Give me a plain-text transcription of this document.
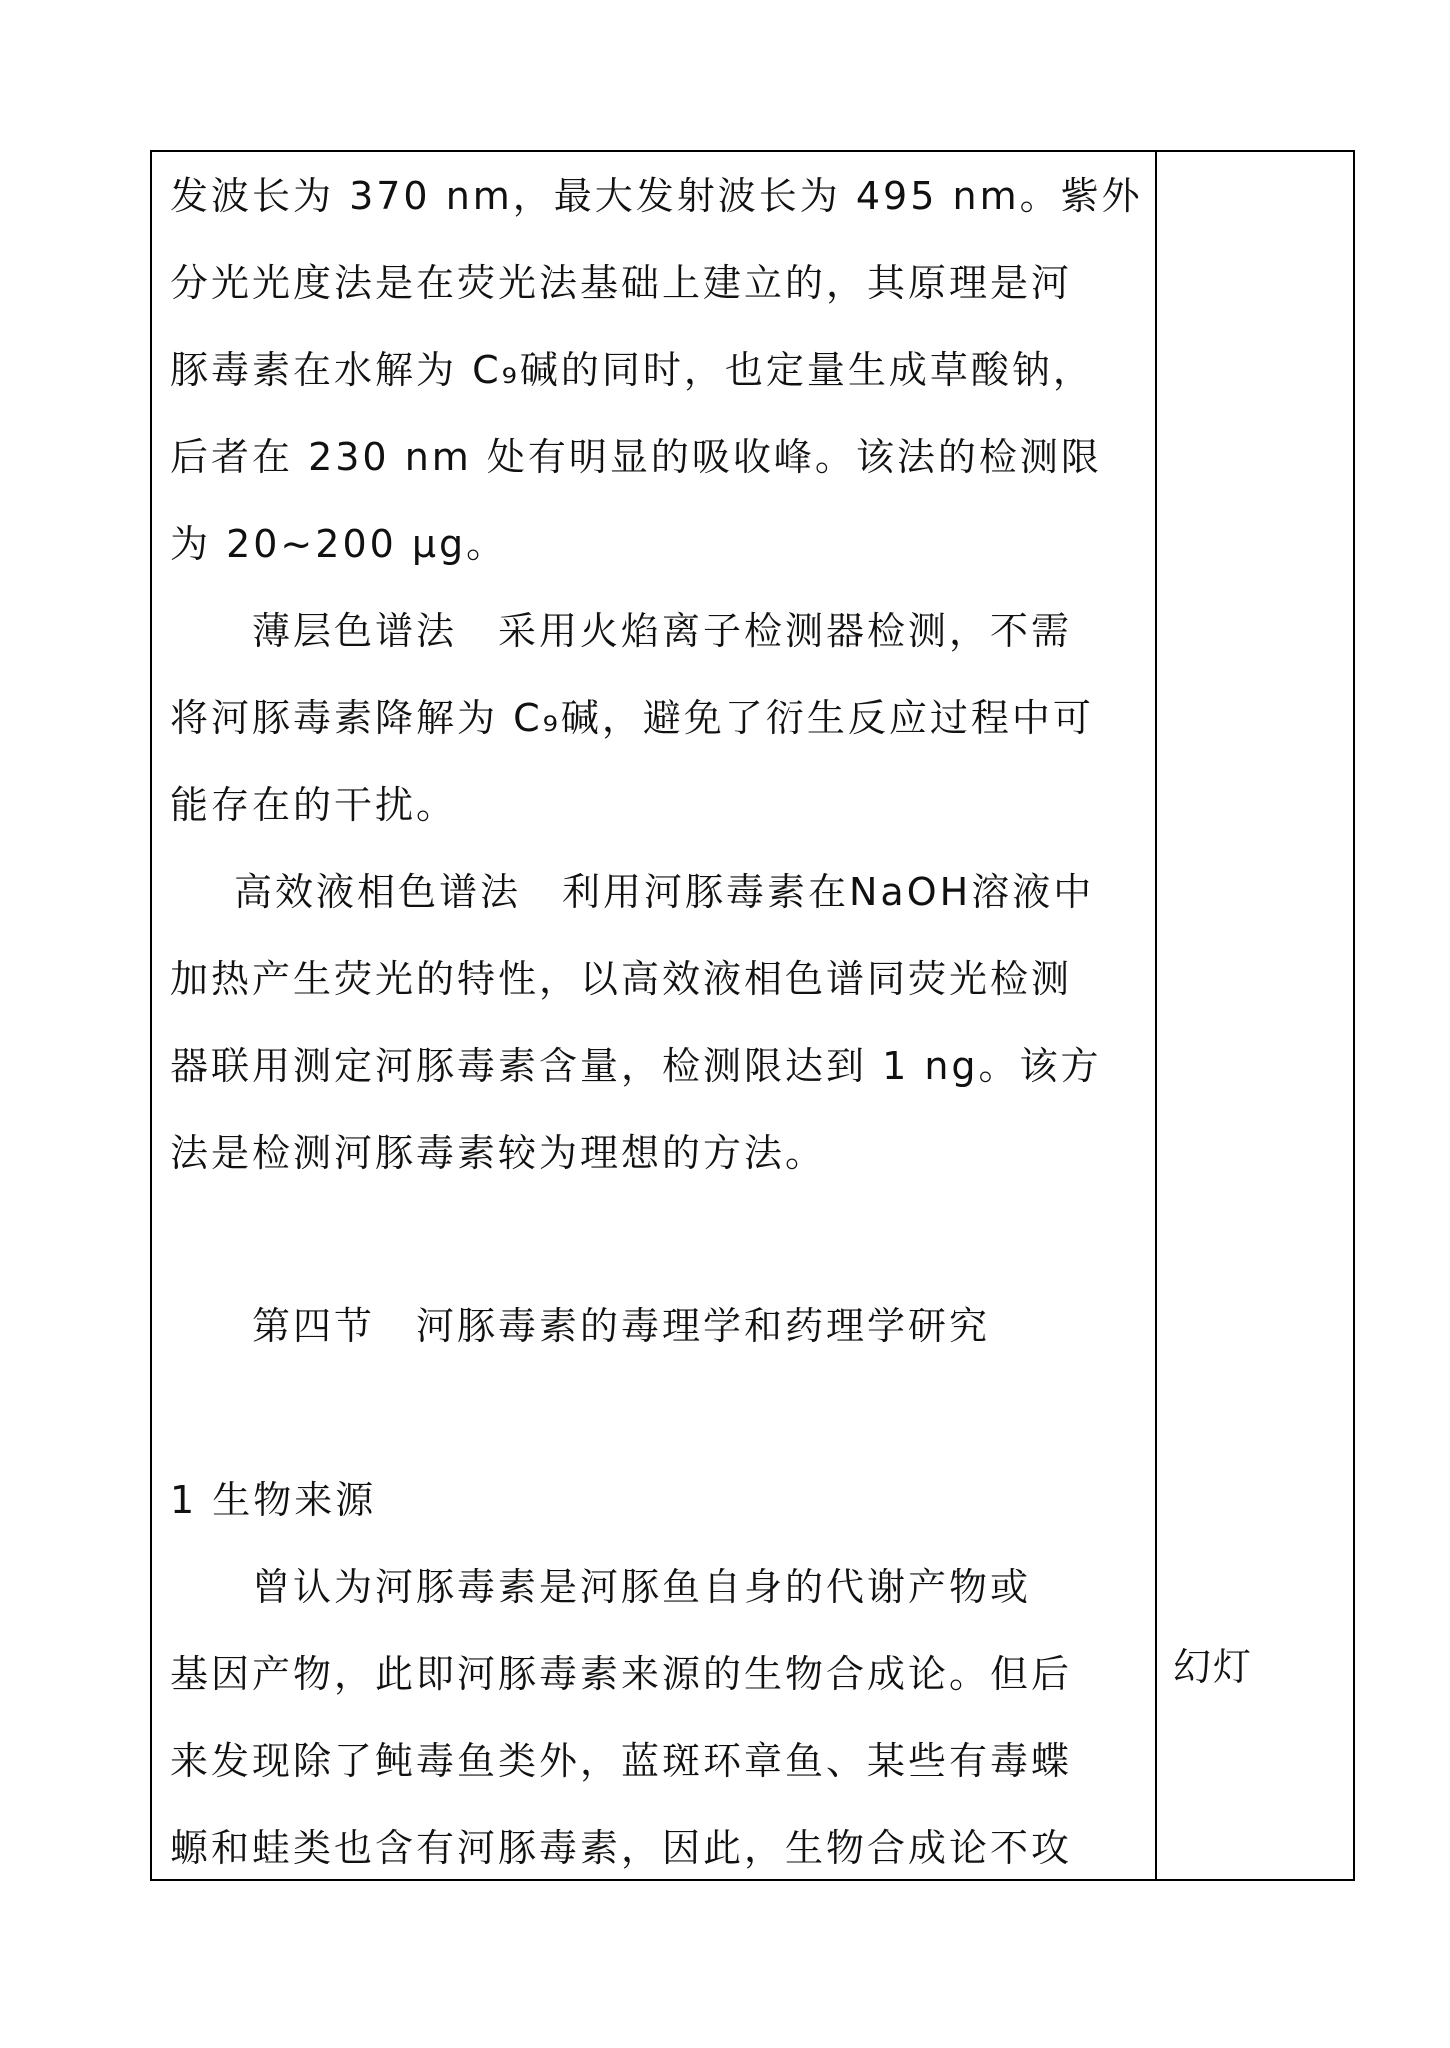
发波长为 370 nm，最大发射波长为 495 nm。紫外
分光光度法是在荧光法基础上建立的，其原理是河
豚毒素在水解为 C₉碱的同时，也定量生成草酸钠，
后者在 230 nm 处有明显的吸收峰。该法的检测限
为 20~200 μg。
薄层色谱法　采用火焰离子检测器检测，不需
将河豚毒素降解为 C₉碱，避免了衍生反应过程中可
能存在的干扰。
高效液相色谱法　利用河豚毒素在NaOH溶液中
加热产生荧光的特性，以高效液相色谱同荧光检测
器联用测定河豚毒素含量，检测限达到 1 ng。该方
法是检测河豚毒素较为理想的方法。
第四节　河豚毒素的毒理学和药理学研究
1 生物来源
曾认为河豚毒素是河豚鱼自身的代谢产物或
基因产物，此即河豚毒素来源的生物合成论。但后
来发现除了鲀毒鱼类外，蓝斑环章鱼、某些有毒蝶
螈和蛙类也含有河豚毒素，因此，生物合成论不攻
幻灯
